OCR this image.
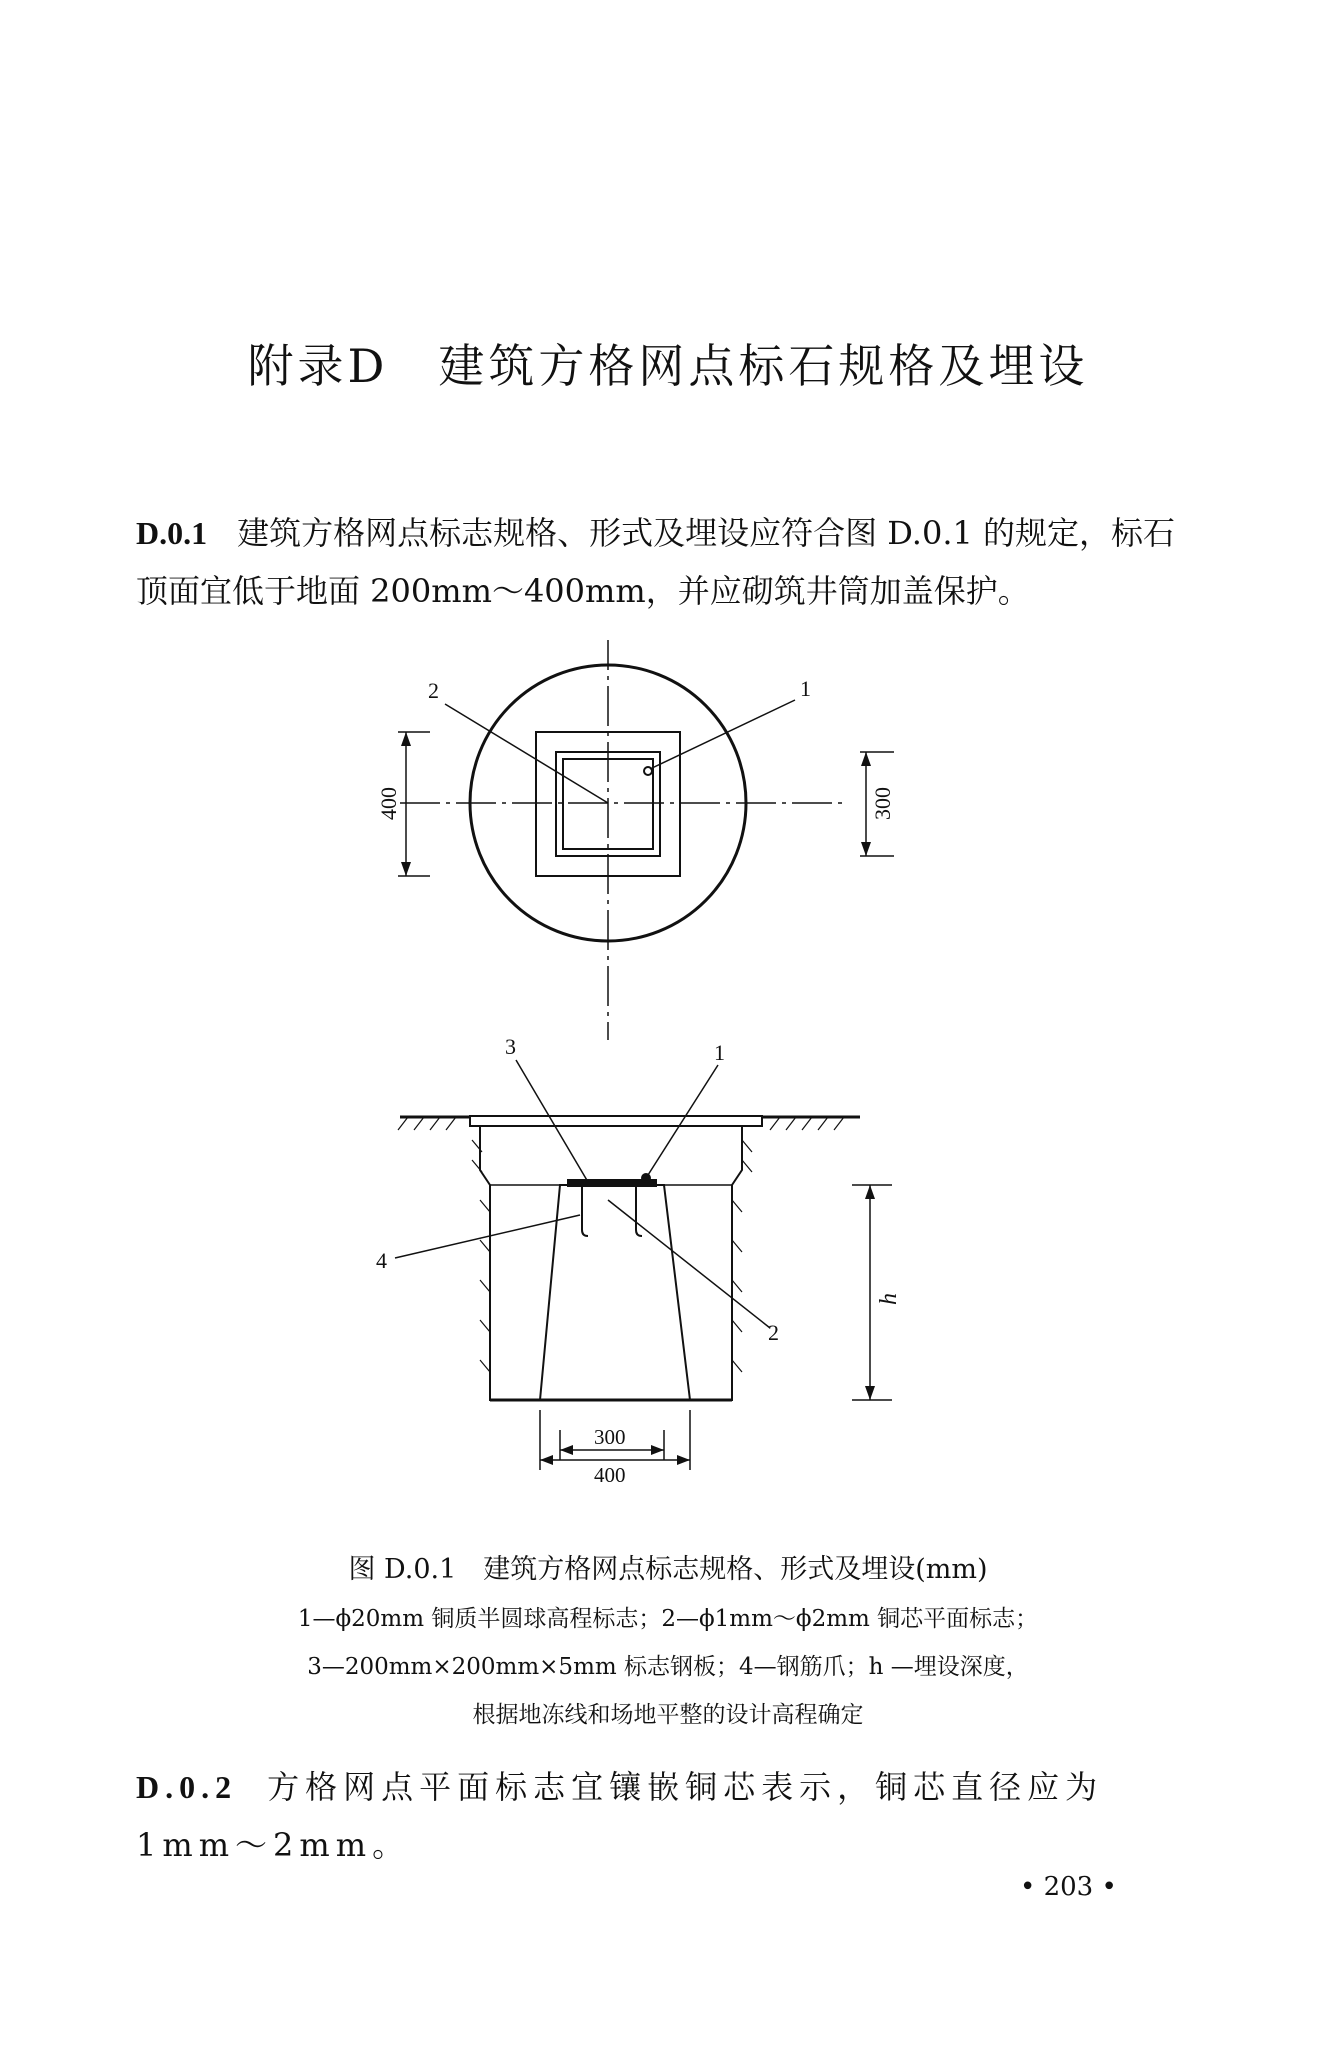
附录D　建筑方格网点标石规格及埋设
D.0.1 建筑方格网点标志规格、形式及埋设应符合图 D.0.1 的规定，标石顶面宜低于地面 200mm～400mm，并应砌筑井筒加盖保护。
2	1
400	300
3	1
4
2
h
300
400
图 D.0.1　建筑方格网点标志规格、形式及埋设(mm)
1—ϕ20mm 铜质半圆球高程标志；2—ϕ1mm～ϕ2mm 铜芯平面标志；
3—200mm×200mm×5mm 标志钢板；4—钢筋爪；h —埋设深度，
根据地冻线和场地平整的设计高程确定
D.0.2 方格网点平面标志宜镶嵌铜芯表示，铜芯直径应为1mm～2mm。
• 203 •
